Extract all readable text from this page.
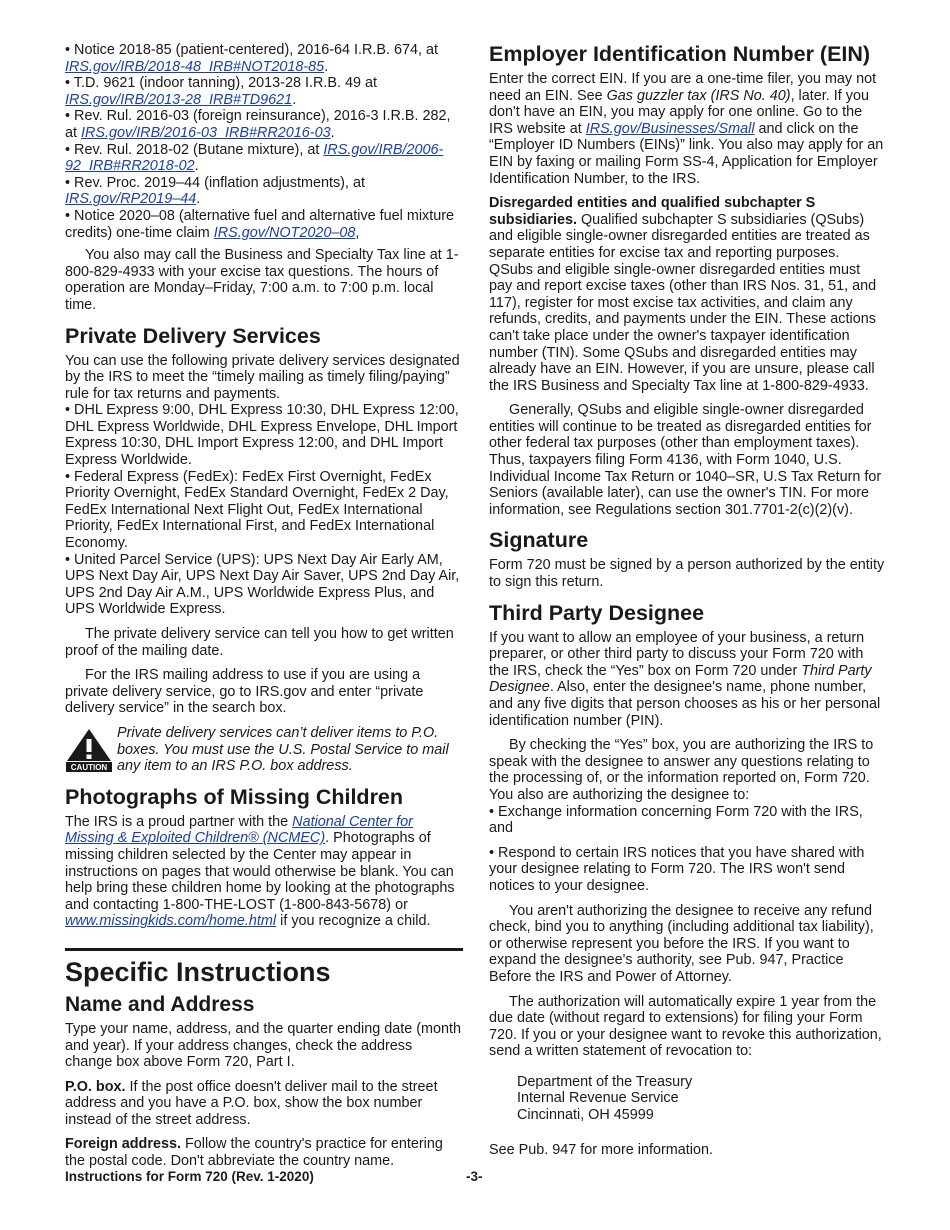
• Notice 2018-85 (patient-centered), 2016-64 I.R.B. 674, at IRS.gov/IRB/2018-48_IRB#NOT2018-85.

• T.D. 9621 (indoor tanning), 2013-28 I.R.B. 49 at IRS.gov/IRB/2013-28_IRB#TD9621.

• Rev. Rul. 2016-03 (foreign reinsurance), 2016-3 I.R.B. 282, at IRS.gov/IRB/2016-03_IRB#RR2016-03.

• Rev. Rul. 2018-02 (Butane mixture), at IRS.gov/IRB/2006-92_IRB#RR2018-02.

• Rev. Proc. 2019–44 (inflation adjustments), at IRS.gov/RP2019–44.

• Notice 2020–08 (alternative fuel and alternative fuel mixture credits) one-time claim IRS.gov/NOT2020–08,

You also may call the Business and Specialty Tax line at 1-800-829-4933 with your excise tax questions. The hours of operation are Monday–Friday, 7:00 a.m. to 7:00 p.m. local time.

Private Delivery Services

You can use the following private delivery services designated by the IRS to meet the “timely mailing as timely filing/paying” rule for tax returns and payments.

• DHL Express 9:00, DHL Express 10:30, DHL Express 12:00, DHL Express Worldwide, DHL Express Envelope, DHL Import Express 10:30, DHL Import Express 12:00, and DHL Import Express Worldwide.

• Federal Express (FedEx): FedEx First Overnight, FedEx Priority Overnight, FedEx Standard Overnight, FedEx 2 Day, FedEx International Next Flight Out, FedEx International Priority, FedEx International First, and FedEx International Economy.

• United Parcel Service (UPS): UPS Next Day Air Early AM, UPS Next Day Air, UPS Next Day Air Saver, UPS 2nd Day Air, UPS 2nd Day Air A.M., UPS Worldwide Express Plus, and UPS Worldwide Express.

The private delivery service can tell you how to get written proof of the mailing date.

For the IRS mailing address to use if you are using a private delivery service, go to IRS.gov and enter “private delivery service” in the search box.

CAUTION

Private delivery services can’t deliver items to P.O. boxes. You must use the U.S. Postal Service to mail any item to an IRS P.O. box address.

Photographs of Missing Children

The IRS is a proud partner with the National Center for Missing & Exploited Children® (NCMEC). Photographs of missing children selected by the Center may appear in instructions on pages that would otherwise be blank. You can help bring these children home by looking at the photographs and contacting 1-800-THE-LOST (1-800-843-5678) or www.missingkids.com/home.html if you recognize a child.

Specific Instructions
Name and Address

Type your name, address, and the quarter ending date (month and year). If your address changes, check the address change box above Form 720, Part I.

P.O. box. If the post office doesn't deliver mail to the street address and you have a P.O. box, show the box number instead of the street address.

Foreign address. Follow the country's practice for entering the postal code. Don't abbreviate the country name.

Employer Identification Number (EIN)

Enter the correct EIN. If you are a one-time filer, you may not need an EIN. See Gas guzzler tax (IRS No. 40), later. If you don't have an EIN, you may apply for one online. Go to the IRS website at IRS.gov/Businesses/Small and click on the “Employer ID Numbers (EINs)” link. You also may apply for an EIN by faxing or mailing Form SS-4, Application for Employer Identification Number, to the IRS.

Disregarded entities and qualified subchapter S subsidiaries. Qualified subchapter S subsidiaries (QSubs) and eligible single-owner disregarded entities are treated as separate entities for excise tax and reporting purposes. QSubs and eligible single-owner disregarded entities must pay and report excise taxes (other than IRS Nos. 31, 51, and 117), register for most excise tax activities, and claim any refunds, credits, and payments under the EIN. These actions can't take place under the owner's taxpayer identification number (TIN). Some QSubs and disregarded entities may already have an EIN. However, if you are unsure, please call the IRS Business and Specialty Tax line at 1-800-829-4933.

Generally, QSubs and eligible single-owner disregarded entities will continue to be treated as disregarded entities for other federal tax purposes (other than employment taxes). Thus, taxpayers filing Form 4136, with Form 1040, U.S. Individual Income Tax Return or 1040–SR, U.S Tax Return for Seniors (available later), can use the owner's TIN. For more information, see Regulations section 301.7701-2(c)(2)(v).

Signature

Form 720 must be signed by a person authorized by the entity to sign this return.

Third Party Designee

If you want to allow an employee of your business, a return preparer, or other third party to discuss your Form 720 with the IRS, check the “Yes” box on Form 720 under Third Party Designee. Also, enter the designee's name, phone number, and any five digits that person chooses as his or her personal identification number (PIN).

By checking the “Yes” box, you are authorizing the IRS to speak with the designee to answer any questions relating to the processing of, or the information reported on, Form 720. You also are authorizing the designee to:

• Exchange information concerning Form 720 with the IRS, and

• Respond to certain IRS notices that you have shared with your designee relating to Form 720. The IRS won't send notices to your designee.

You aren't authorizing the designee to receive any refund check, bind you to anything (including additional tax liability), or otherwise represent you before the IRS. If you want to expand the designee's authority, see Pub. 947, Practice Before the IRS and Power of Attorney.

The authorization will automatically expire 1 year from the due date (without regard to extensions) for filing your Form 720. If you or your designee want to revoke this authorization, send a written statement of revocation to:

Department of the Treasury

Internal Revenue Service

Cincinnati, OH 45999

See Pub. 947 for more information.

Instructions for Form 720 (Rev. 1-2020)	-3-
